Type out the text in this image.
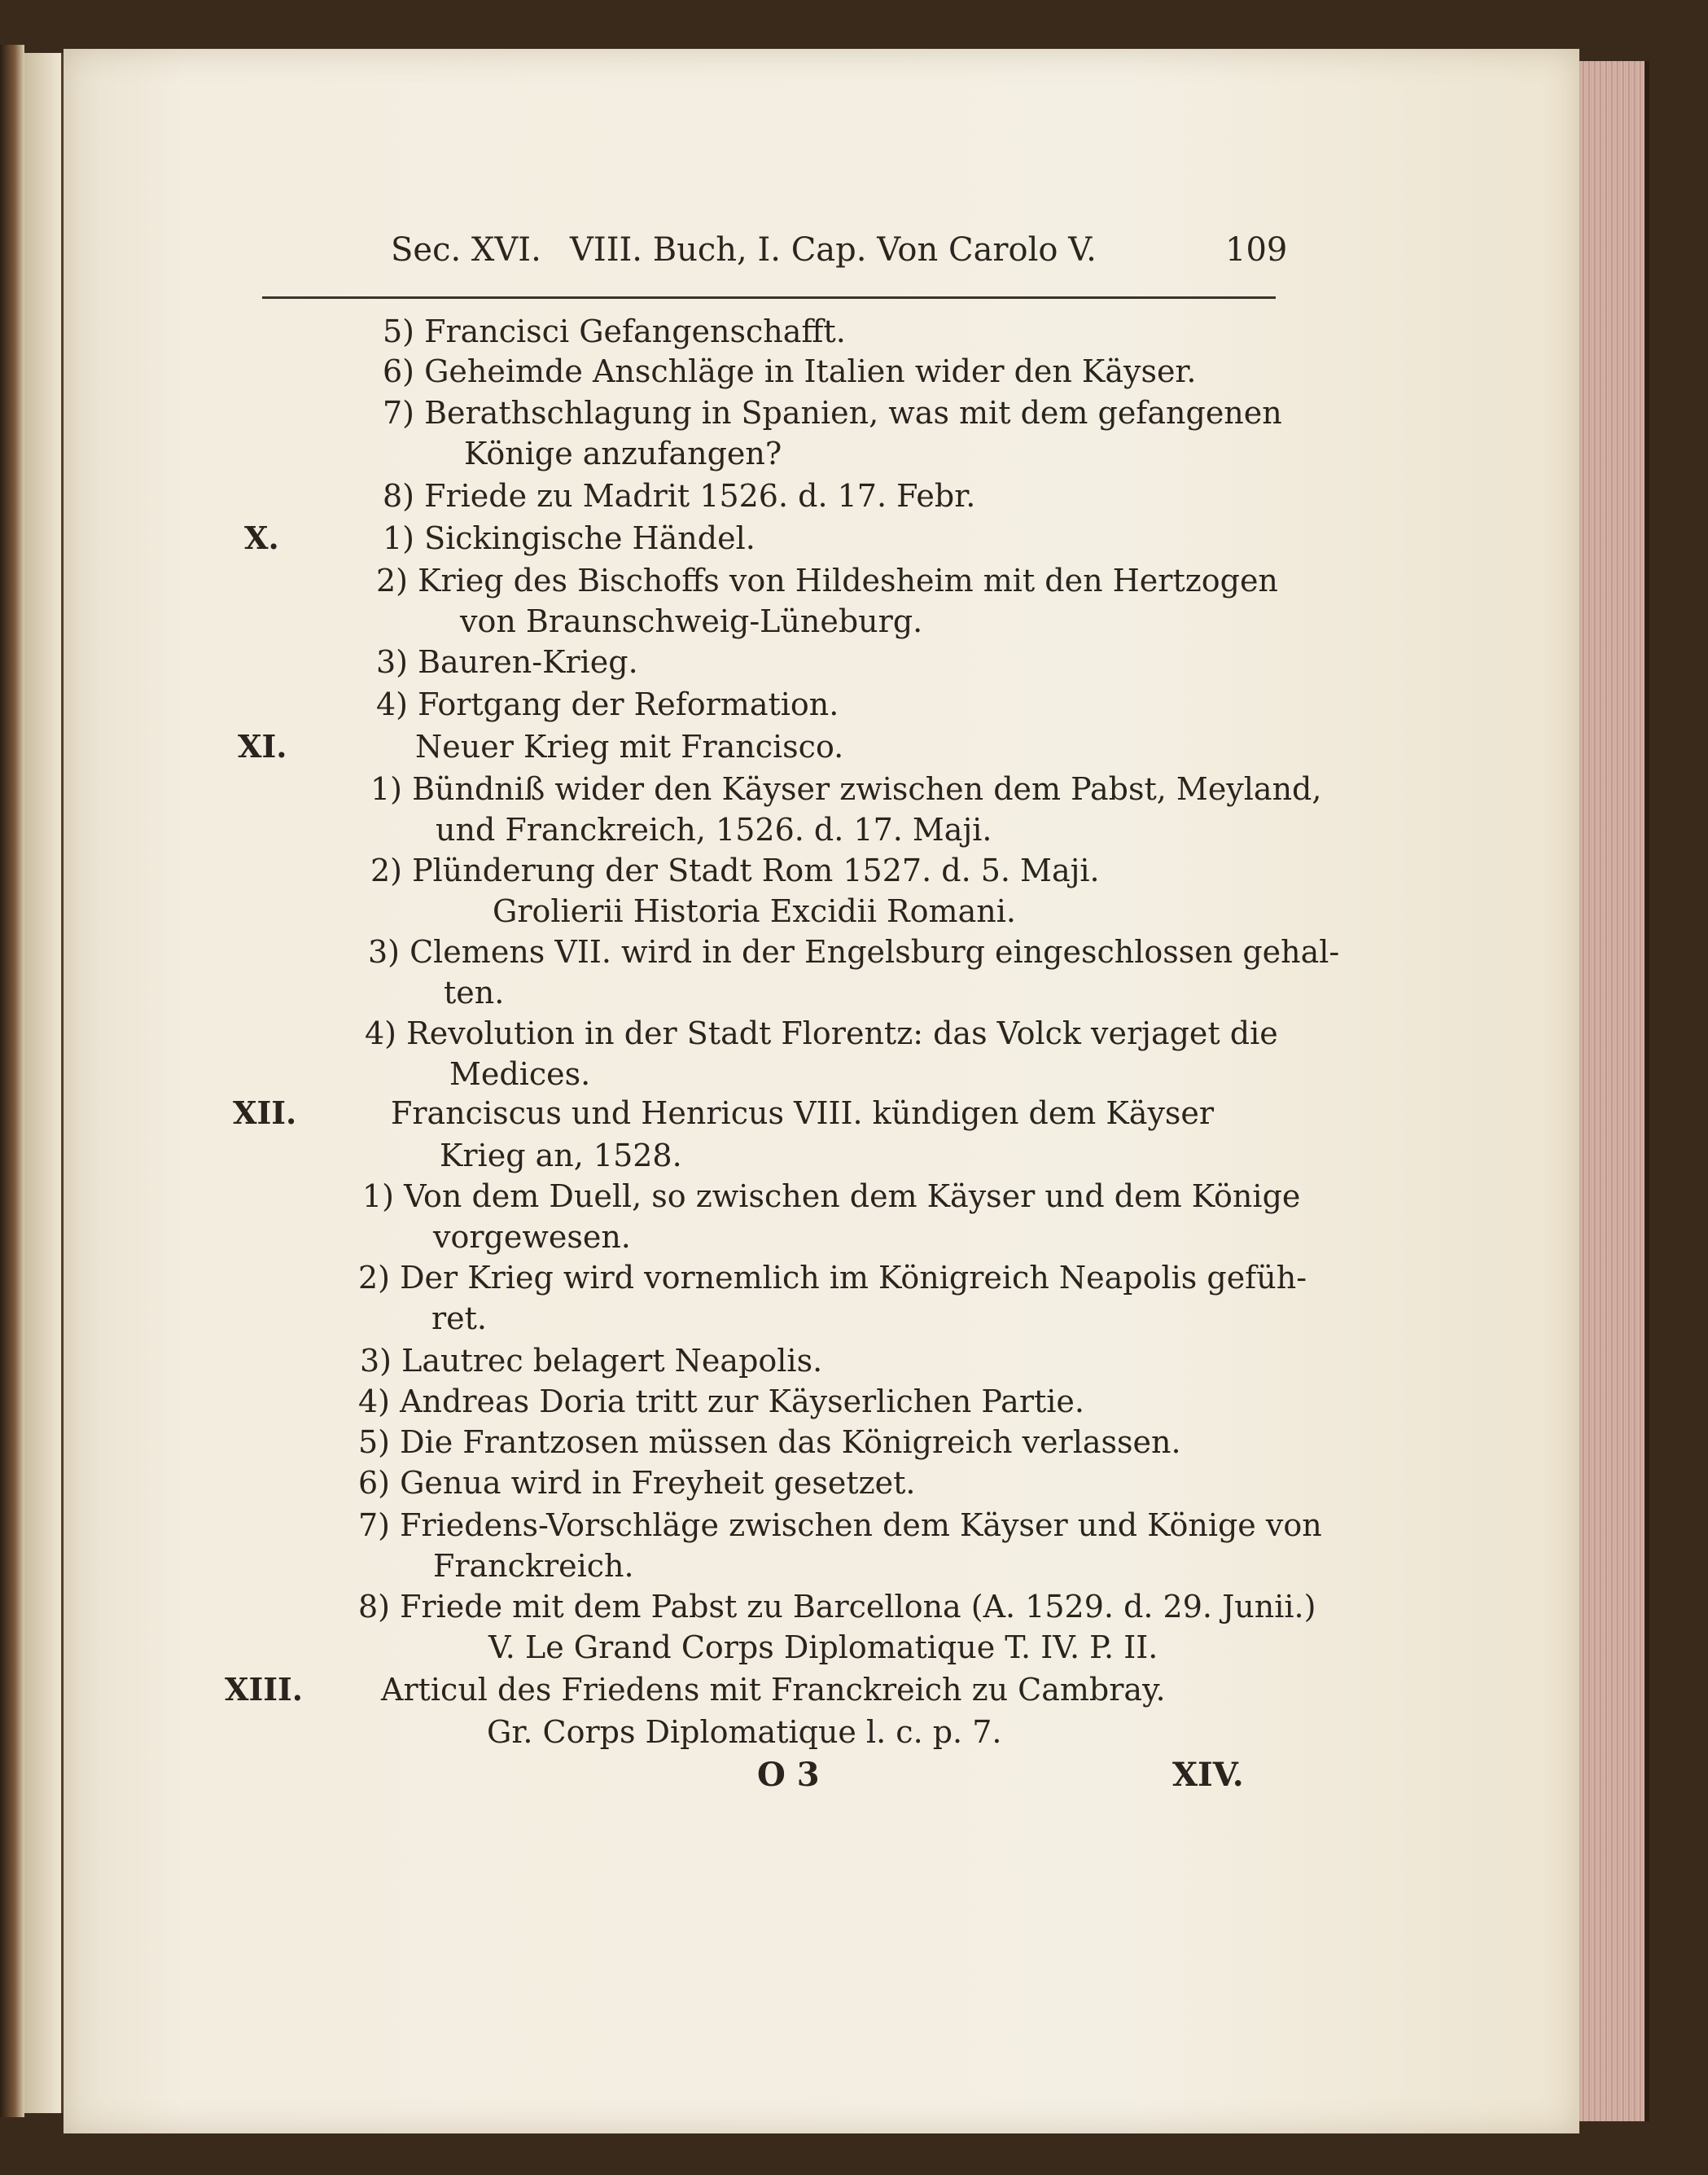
Sec. XVI. VIII. Buch, I. Cap. Von Carolo V.	109
X.
XI.
XII.
XIII.
5) Francisci Gefangenschafft.
6) Geheimde Anschläge in Italien wider den Käyser.
7) Berathschlagung in Spanien, was mit dem gefangenen
Könige anzufangen?
8) Friede zu Madrit 1526. d. 17. Febr.
1) Sickingische Händel.
2) Krieg des Bischoffs von Hildesheim mit den Hertzogen
von Braunschweig-Lüneburg.
3) Bauren-Krieg.
4) Fortgang der Reformation.
Neuer Krieg mit Francisco.
1) Bündniß wider den Käyser zwischen dem Pabst, Meyland,
und Franckreich, 1526. d. 17. Maji.
2) Plünderung der Stadt Rom 1527. d. 5. Maji.
Grolierii Historia Excidii Romani.
3) Clemens VII. wird in der Engelsburg eingeschlossen gehal-
ten.
4) Revolution in der Stadt Florentz: das Volck verjaget die
Medices.
Franciscus und Henricus VIII. kündigen dem Käyser
Krieg an, 1528.
1) Von dem Duell, so zwischen dem Käyser und dem Könige
vorgewesen.
2) Der Krieg wird vornemlich im Königreich Neapolis gefüh-
ret.
3) Lautrec belagert Neapolis.
4) Andreas Doria tritt zur Käyserlichen Partie.
5) Die Frantzosen müssen das Königreich verlassen.
6) Genua wird in Freyheit gesetzet.
7) Friedens-Vorschläge zwischen dem Käyser und Könige von
Franckreich.
8) Friede mit dem Pabst zu Barcellona (A. 1529. d. 29. Junii.)
V. Le Grand Corps Diplomatique T. IV. P. II.
Articul des Friedens mit Franckreich zu Cambray.
Gr. Corps Diplomatique l. c. p. 7.
O 3	XIV.
